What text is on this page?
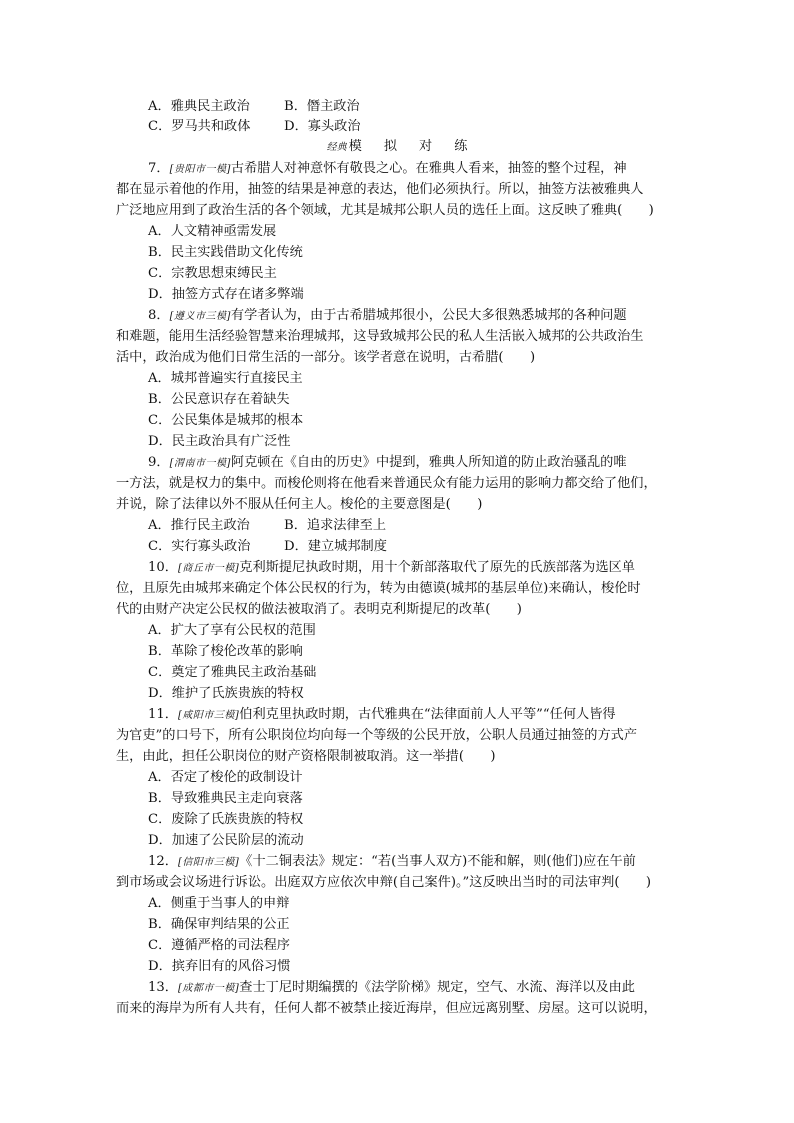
A．雅典民主政治	B．僭主政治
C．罗马共和政体	D．寡头政治
经典 模 拟 对 练
7．[贵阳市一模]古希腊人对神意怀有敬畏之心。在雅典人看来，抽签的整个过程，神
都在显示着他的作用，抽签的结果是神意的表达，他们必须执行。所以，抽签方法被雅典人
广泛地应用到了政治生活的各个领域，尤其是城邦公职人员的选任上面。这反映了雅典(　　)
A．人文精神亟需发展
B．民主实践借助文化传统
C．宗教思想束缚民主
D．抽签方式存在诸多弊端
8．[遵义市三模]有学者认为，由于古希腊城邦很小，公民大多很熟悉城邦的各种问题
和难题，能用生活经验智慧来治理城邦，这导致城邦公民的私人生活嵌入城邦的公共政治生
活中，政治成为他们日常生活的一部分。该学者意在说明，古希腊(　　)
A．城邦普遍实行直接民主
B．公民意识存在着缺失
C．公民集体是城邦的根本
D．民主政治具有广泛性
9．[渭南市一模]阿克顿在《自由的历史》中提到，雅典人所知道的防止政治骚乱的唯
一方法，就是权力的集中。而梭伦则将在他看来普通民众有能力运用的影响力都交给了他们，
并说，除了法律以外不服从任何主人。梭伦的主要意图是(　　)
A．推行民主政治	B．追求法律至上
C．实行寡头政治	D．建立城邦制度
10．[商丘市一模]克利斯提尼执政时期，用十个新部落取代了原先的氏族部落为选区单
位，且原先由城邦来确定个体公民权的行为，转为由德谟(城邦的基层单位)来确认，梭伦时
代的由财产决定公民权的做法被取消了。表明克利斯提尼的改革(　　)
A．扩大了享有公民权的范围
B．革除了梭伦改革的影响
C．奠定了雅典民主政治基础
D．维护了氏族贵族的特权
11．[咸阳市三模]伯利克里执政时期，古代雅典在“法律面前人人平等”“任何人皆得
为官吏”的口号下，所有公职岗位均向每一个等级的公民开放，公职人员通过抽签的方式产
生，由此，担任公职岗位的财产资格限制被取消。这一举措(　　)
A．否定了梭伦的政制设计
B．导致雅典民主走向衰落
C．废除了氏族贵族的特权
D．加速了公民阶层的流动
12．[信阳市三模]《十二铜表法》规定：“若(当事人双方)不能和解，则(他们)应在午前
到市场或会议场进行诉讼。出庭双方应依次申辩(自己案件)。”这反映出当时的司法审判(　　)
A．侧重于当事人的申辩
B．确保审判结果的公正
C．遵循严格的司法程序
D．摈弃旧有的风俗习惯
13．[成都市一模]查士丁尼时期编撰的《法学阶梯》规定，空气、水流、海洋以及由此
而来的海岸为所有人共有，任何人都不被禁止接近海岸，但应远离别墅、房屋。这可以说明，
